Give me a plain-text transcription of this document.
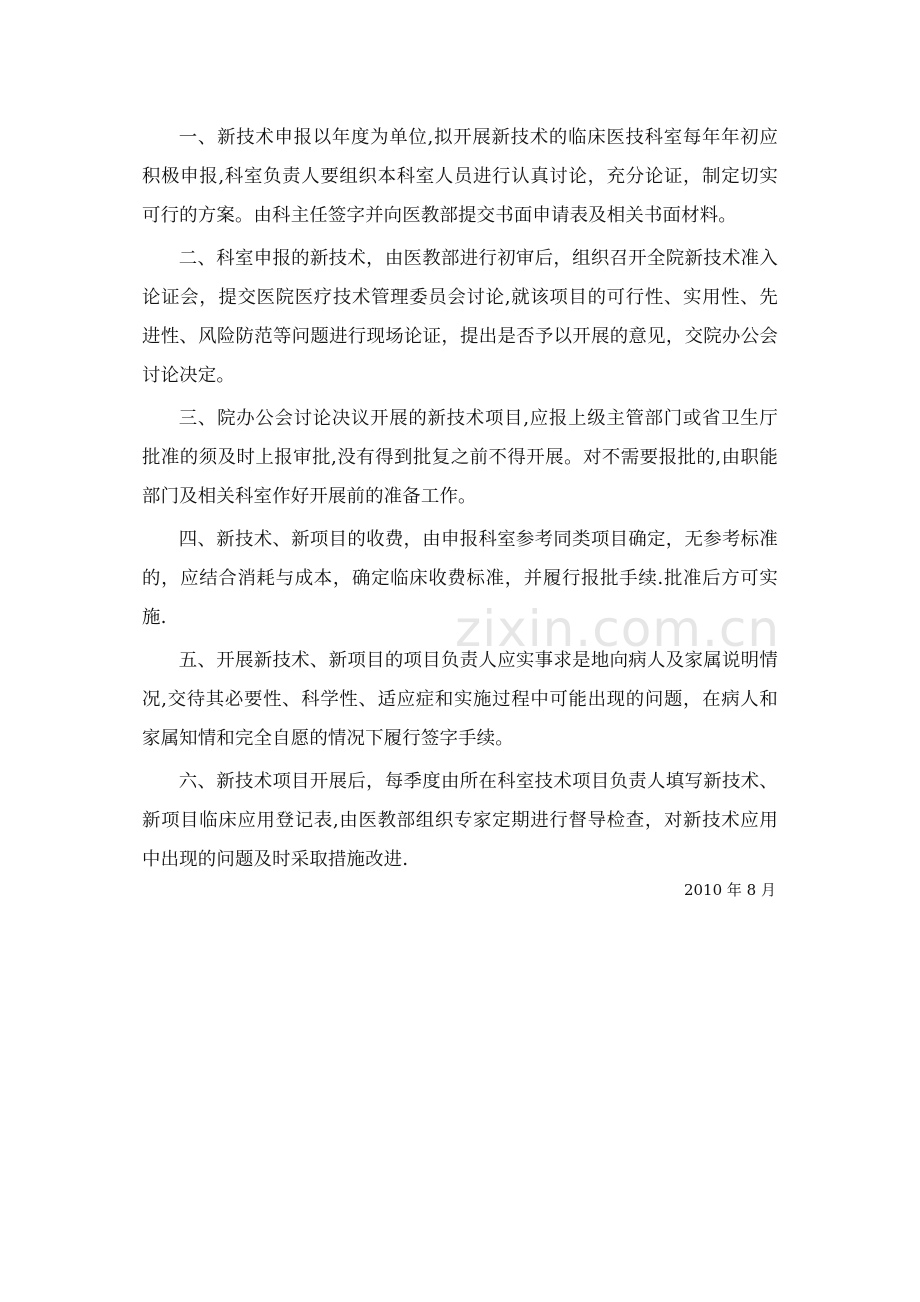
zixin.com.cn

一、新技术申报以年度为单位,拟开展新技术的临床医技科室每年年初应积极申报,科室负责人要组织本科室人员进行认真讨论，充分论证，制定切实可行的方案。由科主任签字并向医教部提交书面申请表及相关书面材料。

二、科室申报的新技术，由医教部进行初审后，组织召开全院新技术准入论证会，提交医院医疗技术管理委员会讨论,就该项目的可行性、实用性、先进性、风险防范等问题进行现场论证，提出是否予以开展的意见，交院办公会讨论决定。

三、院办公会讨论决议开展的新技术项目,应报上级主管部门或省卫生厅批准的须及时上报审批,没有得到批复之前不得开展。对不需要报批的,由职能部门及相关科室作好开展前的准备工作。

四、新技术、新项目的收费，由申报科室参考同类项目确定，无参考标准的，应结合消耗与成本，确定临床收费标准，并履行报批手续.批准后方可实施.

五、开展新技术、新项目的项目负责人应实事求是地向病人及家属说明情况,交待其必要性、科学性、适应症和实施过程中可能出现的问题，在病人和家属知情和完全自愿的情况下履行签字手续。

六、新技术项目开展后，每季度由所在科室技术项目负责人填写新技术、新项目临床应用登记表,由医教部组织专家定期进行督导检查，对新技术应用中出现的问题及时采取措施改进.

2010 年 8 月
